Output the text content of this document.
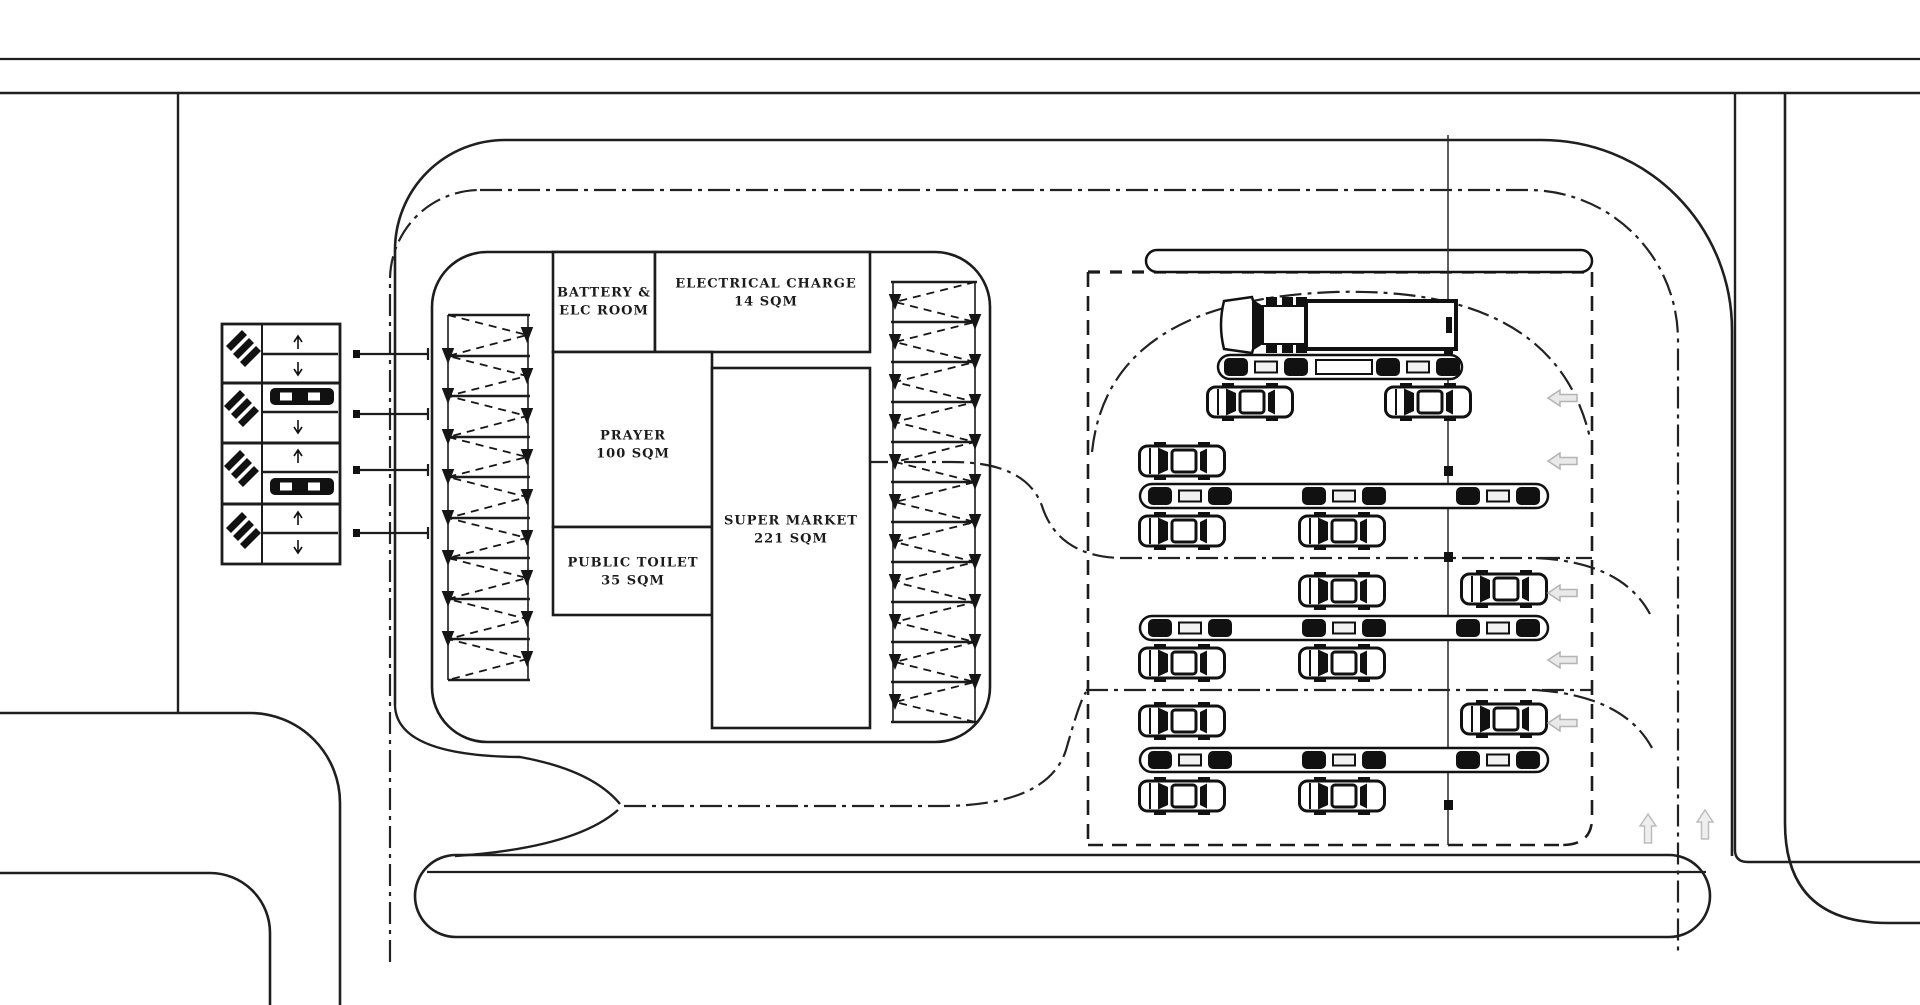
BATTERY &
ELC ROOM
ELECTRICAL CHARGE
14 SQM
PRAYER
100 SQM
PUBLIC TOILET
35 SQM
SUPER MARKET
221 SQM
